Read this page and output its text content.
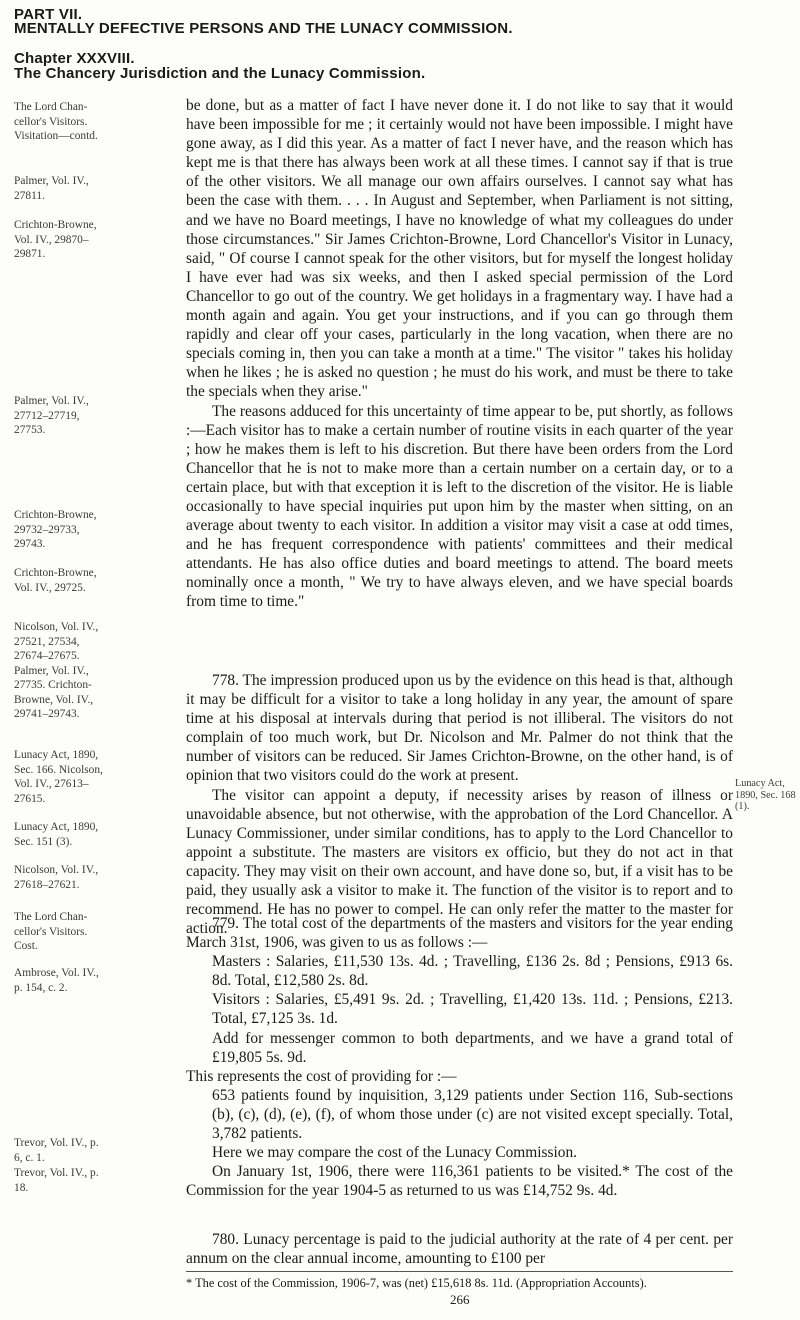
PART VII.
MENTALLY DEFECTIVE PERSONS AND THE LUNACY COMMISSION.
Chapter XXXVIII.
The Chancery Jurisdiction and the Lunacy Commission.
The Lord Chan-cellor's Visitors. Visitation—contd.
Palmer, Vol. IV., 27811.
Crichton-Browne, Vol. IV., 29870–29871.
Palmer, Vol. IV., 27712–27719, 27753.
Crichton-Browne, 29732–29733, 29743.
Crichton-Browne, Vol. IV., 29725.
Nicolson, Vol. IV., 27521, 27534, 27674–27675. Palmer, Vol. IV., 27735. Crichton-Browne, Vol. IV., 29741–29743.
Lunacy Act, 1890, Sec. 166. Nicolson, Vol. IV., 27613–27615.
Lunacy Act, 1890, Sec. 151 (3).
Nicolson, Vol. IV., 27618–27621.
The Lord Chan-cellor's Visitors. Cost.
Ambrose, Vol. IV., p. 154, c. 2.
Trevor, Vol. IV., p. 6, c. 1.
Trevor, Vol. IV., p. 18.
Lunacy Act, 1890, Sec. 168 (1).

be done, but as a matter of fact I have never done it. I do not like to say that it would have been impossible for me ; it certainly would not have been impossible. I might have gone away, as I did this year. As a matter of fact I never have, and the reason which has kept me is that there has always been work at all these times. I cannot say if that is true of the other visitors. We all manage our own affairs ourselves. I cannot say what has been the case with them. . . . In August and September, when Parliament is not sitting, and we have no Board meetings, I have no knowledge of what my colleagues do under those circumstances." Sir James Crichton-Browne, Lord Chancellor's Visitor in Lunacy, said, " Of course I cannot speak for the other visitors, but for myself the longest holiday I have ever had was six weeks, and then I asked special permission of the Lord Chancellor to go out of the country. We get holidays in a fragmentary way. I have had a month again and again. You get your instructions, and if you can go through them rapidly and clear off your cases, particularly in the long vacation, when there are no specials coming in, then you can take a month at a time." The visitor " takes his holiday when he likes ; he is asked no question ; he must do his work, and must be there to take the specials when they arise."

The reasons adduced for this uncertainty of time appear to be, put shortly, as follows :—Each visitor has to make a certain number of routine visits in each quarter of the year ; how he makes them is left to his discretion. But there have been orders from the Lord Chancellor that he is not to make more than a certain number on a certain day, or to a certain place, but with that exception it is left to the discretion of the visitor. He is liable occasionally to have special inquiries put upon him by the master when sitting, on an average about twenty to each visitor. In addition a visitor may visit a case at odd times, and he has frequent correspondence with patients' committees and their medical attendants. He has also office duties and board meetings to attend. The board meets nominally once a month, " We try to have always eleven, and we have special boards from time to time."

778. The impression produced upon us by the evidence on this head is that, although it may be difficult for a visitor to take a long holiday in any year, the amount of spare time at his disposal at intervals during that period is not illiberal. The visitors do not complain of too much work, but Dr. Nicolson and Mr. Palmer do not think that the number of visitors can be reduced. Sir James Crichton-Browne, on the other hand, is of opinion that two visitors could do the work at present.

The visitor can appoint a deputy, if necessity arises by reason of illness or unavoidable absence, but not otherwise, with the approbation of the Lord Chancellor. A Lunacy Commissioner, under similar conditions, has to apply to the Lord Chancellor to appoint a substitute. The masters are visitors ex officio, but they do not act in that capacity. They may visit on their own account, and have done so, but, if a visit has to be paid, they usually ask a visitor to make it. The function of the visitor is to report and to recommend. He has no power to compel. He can only refer the matter to the master for action.

779. The total cost of the departments of the masters and visitors for the year ending March 31st, 1906, was given to us as follows :—

Masters : Salaries, £11,530 13s. 4d. ; Travelling, £136 2s. 8d ; Pensions, £913 6s. 8d. Total, £12,580 2s. 8d.

Visitors : Salaries, £5,491 9s. 2d. ; Travelling, £1,420 13s. 11d. ; Pensions, £213. Total, £7,125 3s. 1d.

Add for messenger common to both departments, and we have a grand total of £19,805 5s. 9d.

This represents the cost of providing for :—

653 patients found by inquisition, 3,129 patients under Section 116, Sub-sections (b), (c), (d), (e), (f), of whom those under (c) are not visited except specially. Total, 3,782 patients.

Here we may compare the cost of the Lunacy Commission.

On January 1st, 1906, there were 116,361 patients to be visited.* The cost of the Commission for the year 1904-5 as returned to us was £14,752 9s. 4d.

780. Lunacy percentage is paid to the judicial authority at the rate of 4 per cent. per annum on the clear annual income, amounting to £100 per

* The cost of the Commission, 1906-7, was (net) £15,618 8s. 11d. (Appropriation Accounts).
266
